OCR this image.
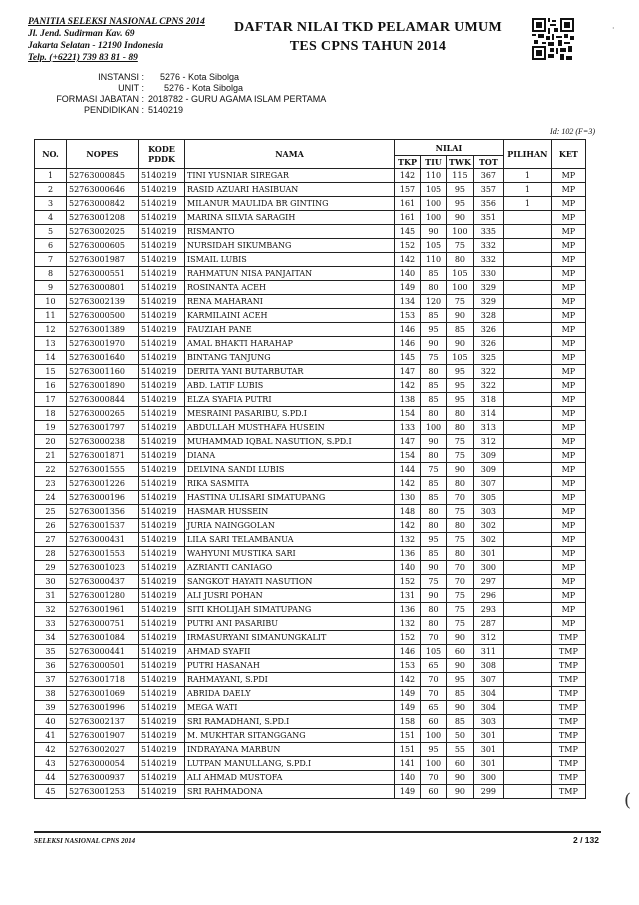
PANITIA SELEKSI NASIONAL CPNS 2014
Jl. Jend. Sudirman Kav. 69
Jakarta Selatan - 12190 Indonesia
Telp. (+6221) 739 83 81 - 89
DAFTAR NILAI TKD PELAMAR UMUM
TES CPNS TAHUN 2014
·
INSTANSI : 5276 - Kota Sibolga
UNIT : 5276 - Kota Sibolga
FORMASI JABATAN : 2018782 - GURU AGAMA ISLAM PERTAMA
PENDIDIKAN : 5140219
Id: 102 (F=3)
NO.	NOPES	KODE PDDK	NAMA	NILAI				PILIHAN	KET
				TKP	TIU	TWK	TOT		
1	52763000845	5140219	TINI YUSNIAR SIREGAR	142	110	115	367	1	MP
2	52763000646	5140219	RASID AZUARI HASIBUAN	157	105	95	357	1	MP
3	52763000842	5140219	MILANUR MAULIDA BR GINTING	161	100	95	356	1	MP
4	52763001208	5140219	MARINA SILVIA SARAGIH	161	100	90	351		MP
5	52763002025	5140219	RISMANTO	145	90	100	335		MP
6	52763000605	5140219	NURSIDAH SIKUMBANG	152	105	75	332		MP
7	52763001987	5140219	ISMAIL LUBIS	142	110	80	332		MP
8	52763000551	5140219	RAHMATUN NISA PANJAITAN	140	85	105	330		MP
9	52763000801	5140219	ROSINANTA ACEH	149	80	100	329		MP
10	52763002139	5140219	RENA MAHARANI	134	120	75	329		MP
11	52763000500	5140219	KARMILAINI ACEH	153	85	90	328		MP
12	52763001389	5140219	FAUZIAH PANE	146	95	85	326		MP
13	52763001970	5140219	AMAL BHAKTI HARAHAP	146	90	90	326		MP
14	52763001640	5140219	BINTANG TANJUNG	145	75	105	325		MP
15	52763001160	5140219	DERITA YANI BUTARBUTAR	147	80	95	322		MP
16	52763001890	5140219	ABD. LATIF LUBIS	142	85	95	322		MP
17	52763000844	5140219	ELZA SYAFIA PUTRI	138	85	95	318		MP
18	52763000265	5140219	MESRAINI PASARIBU, S.PD.I	154	80	80	314		MP
19	52763001797	5140219	ABDULLAH MUSTHAFA HUSEIN	133	100	80	313		MP
20	52763000238	5140219	MUHAMMAD IQBAL NASUTION, S.PD.I	147	90	75	312		MP
21	52763001871	5140219	DIANA	154	80	75	309		MP
22	52763001555	5140219	DELVINA SANDI LUBIS	144	75	90	309		MP
23	52763001226	5140219	RIKA SASMITA	142	85	80	307		MP
24	52763000196	5140219	HASTINA ULISARI SIMATUPANG	130	85	70	305		MP
25	52763001356	5140219	HASMAR HUSSEIN	148	80	75	303		MP
26	52763001537	5140219	JURIA NAINGGOLAN	142	80	80	302		MP
27	52763000431	5140219	LILA SARI TELAMBANUA	132	95	75	302		MP
28	52763001553	5140219	WAHYUNI MUSTIKA SARI	136	85	80	301		MP
29	52763001023	5140219	AZRIANTI CANIAGO	140	90	70	300		MP
30	52763000437	5140219	SANGKOT HAYATI NASUTION	152	75	70	297		MP
31	52763001280	5140219	ALI JUSRI POHAN	131	90	75	296		MP
32	52763001961	5140219	SITI KHOLIJAH SIMATUPANG	136	80	75	293		MP
33	52763000751	5140219	PUTRI ANI PASARIBU	132	80	75	287		MP
34	52763001084	5140219	IRMASURYANI SIMANUNGKALIT	152	70	90	312		TMP
35	52763000441	5140219	AHMAD SYAFII	146	105	60	311		TMP
36	52763000501	5140219	PUTRI HASANAH	153	65	90	308		TMP
37	52763001718	5140219	RAHMAYANI, S.PDI	142	70	95	307		TMP
38	52763001069	5140219	ABRIDA DAELY	149	70	85	304		TMP
39	52763001996	5140219	MEGA WATI	149	65	90	304		TMP
40	52763002137	5140219	SRI RAMADHANI, S.PD.I	158	60	85	303		TMP
41	52763001907	5140219	M. MUKHTAR SITANGGANG	151	100	50	301		TMP
42	52763002027	5140219	INDRAYANA MARBUN	151	95	55	301		TMP
43	52763000054	5140219	LUTPAN MANULLANG, S.PD.I	141	100	60	301		TMP
44	52763000937	5140219	ALI AHMAD MUSTOFA	140	70	90	300		TMP
45	52763001253	5140219	SRI RAHMADONA	149	60	90	299		TMP	(
SELEKSI NASIONAL CPNS 2014	2 / 132
